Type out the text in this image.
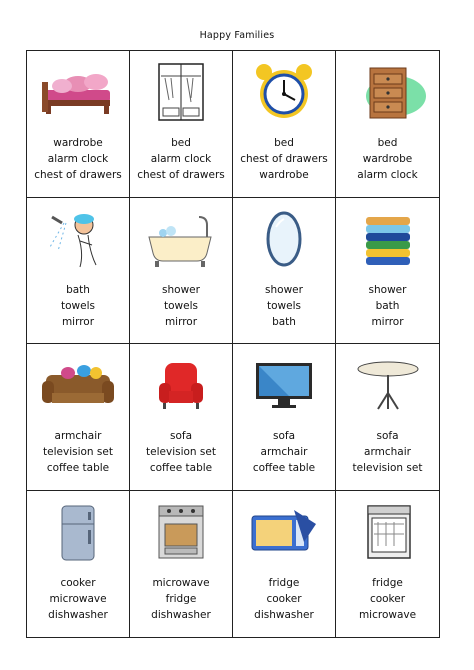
Happy Families
wardrobe
alarm clock
chest of drawers
bed
alarm clock
chest of drawers
bed
chest of drawers
wardrobe
bed
wardrobe
alarm clock
bath
towels
mirror
shower
towels
mirror
shower
towels
bath
shower
bath
mirror
armchair
television set
coffee table
sofa
television set
coffee table
sofa
armchair
coffee table
sofa
armchair
television set
cooker
microwave
dishwasher
microwave
fridge
dishwasher
fridge
cooker
dishwasher
fridge
cooker
microwave
